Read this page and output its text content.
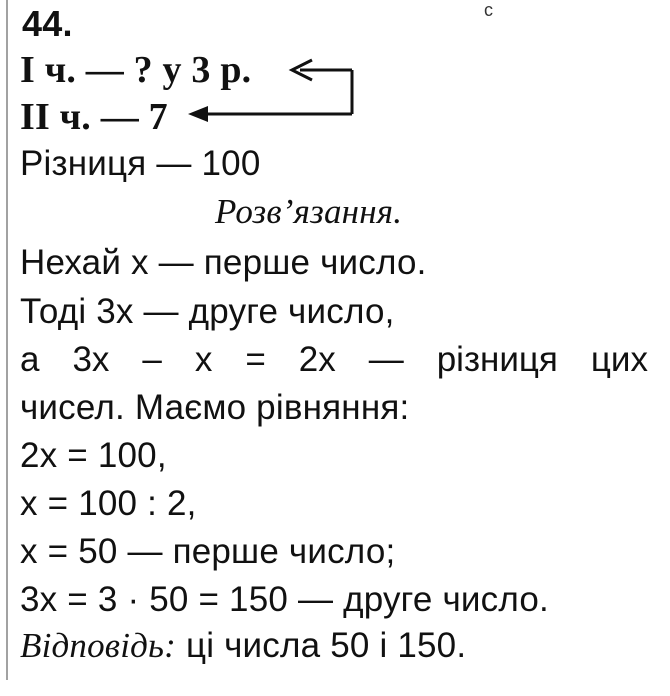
c
44.
І ч. — ? у 3 р.
ІІ ч. — 7
Різниця — 100
Розв’язання.
Нехай x — перше число.
Тоді 3x — друге число,
а 3x – x = 2x — різниця цих
чисел. Маємо рівняння:
2x = 100,
x = 100 : 2,
x = 50 — перше число;
3x = 3 · 50 = 150 — друге число.
Відповідь: ці числа 50 і 150.
